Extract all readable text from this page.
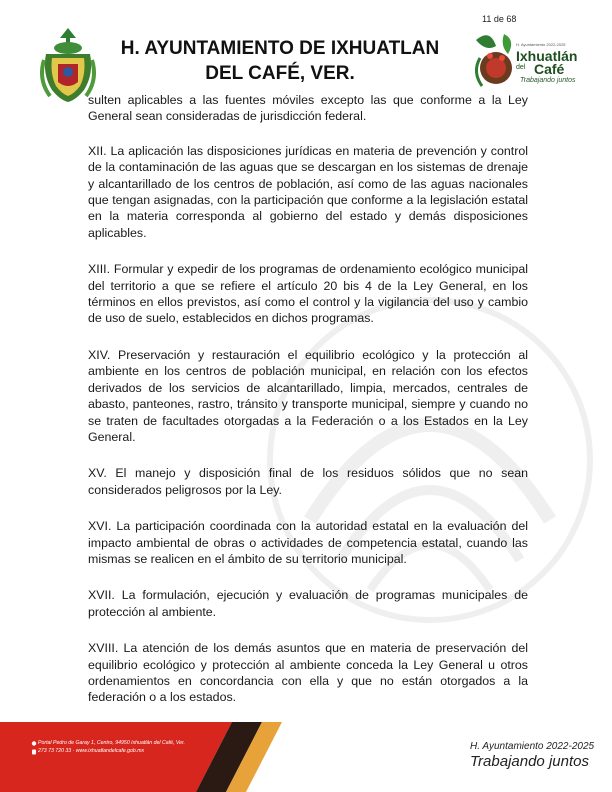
11 de 68
H. AYUNTAMIENTO DE IXHUATLAN
DEL CAFÉ, VER.
H. Ayuntamiento 2022-2025
Ixhuatlán
del Café
Trabajando juntos

sulten aplicables a las fuentes móviles excepto las que conforme a la Ley General sean consideradas de jurisdicción federal.

XII. La aplicación las disposiciones jurídicas en materia de prevención y control de la contaminación de las aguas que se descargan en los sistemas de drenaje y alcantarillado de los centros de población, así como de las aguas nacionales que tengan asignadas, con la participación que conforme a la legislación estatal en la materia corresponda al gobierno del estado y demás disposiciones aplicables.

XIII. Formular y expedir de los programas de ordenamiento ecológico municipal del territorio a que se refiere el artículo 20 bis 4 de la Ley General, en los términos en ellos previstos, así como el control y la vigilancia del uso y cambio de uso de suelo, establecidos en dichos programas.

XIV. Preservación y restauración el equilibrio ecológico y la protección al ambiente en los centros de población municipal, en relación con los efectos derivados de los servicios de alcantarillado, limpia, mercados, centrales de abasto, panteones, rastro, tránsito y transporte municipal, siempre y cuando no se traten de facultades otorgadas a la Federación o a los Estados en la Ley General.

XV. El manejo y disposición final de los residuos sólidos que no sean considerados peligrosos por la Ley.

XVI. La participación coordinada con la autoridad estatal en la evaluación del impacto ambiental de obras o actividades de competencia estatal, cuando las mismas se realicen en el ámbito de su territorio municipal.

XVII. La formulación, ejecución y evaluación de programas municipales de protección al ambiente.

XVIII. La atención de los demás asuntos que en materia de preservación del equilibrio ecológico y protección al ambiente conceda la Ley General u otros ordenamientos en concordancia con ella y que no están otorgados a la federación o a los estados.

Portal Pedro de Garay 1, Centro, 94950 Ixhuatlán del Café, Ver.
273 73 720 33 · www.ixhuatlandelcafe.gob.mx	H. Ayuntamiento 2022-2025
Trabajando juntos
